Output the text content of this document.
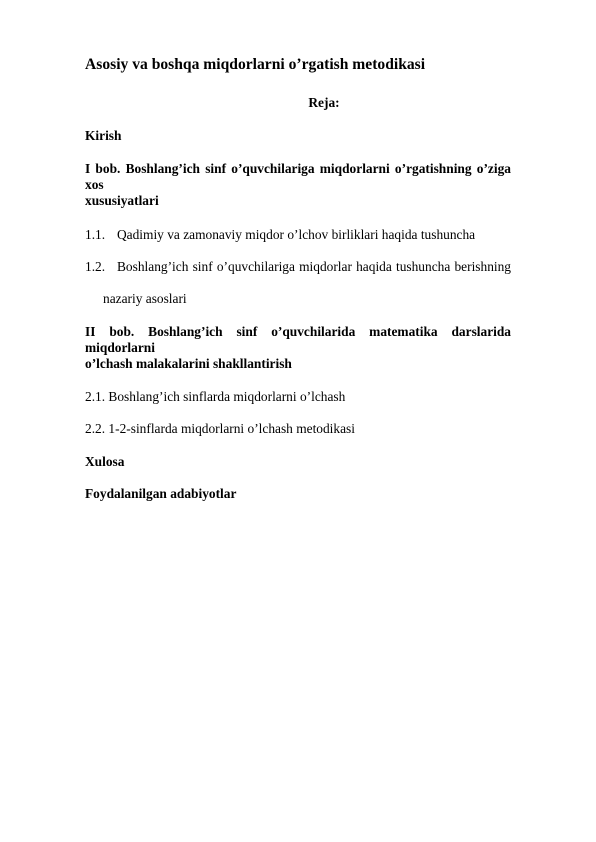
Asosiy va boshqa miqdorlarni o’rgatish metodikasi
Reja:
Kirish
I bob. Boshlang’ich sinf o’quvchilariga miqdorlarni o’rgatishning o’ziga xos
xususiyatlari
1.1. Qadimiy va zamonaviy miqdor o’lchov birliklari haqida tushuncha
1.2. Boshlang’ich sinf o’quvchilariga miqdorlar haqida tushuncha berishning
nazariy asoslari
II bob. Boshlang’ich sinf o’quvchilarida matematika darslarida miqdorlarni
o’lchash malakalarini shakllantirish
2.1. Boshlang’ich sinflarda miqdorlarni o’lchash
2.2. 1-2-sinflarda miqdorlarni o’lchash metodikasi
Xulosa
Foydalanilgan adabiyotlar
